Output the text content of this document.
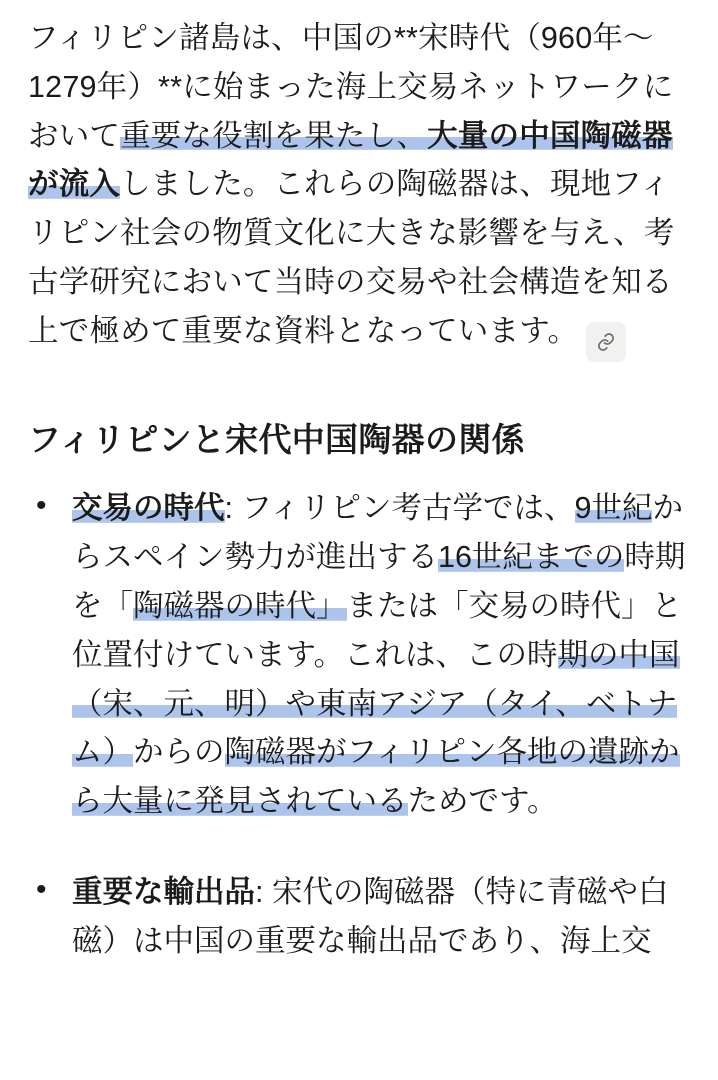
フィリピン諸島は、中国の**宋時代（960年〜1279年）**に始まった海上交易ネットワークにおいて重要な役割を果たし、大量の中国陶磁器が流入しました。これらの陶磁器は、現地フィリピン社会の物質文化に大きな影響を与え、考古学研究において当時の交易や社会構造を知る上で極めて重要な資料となっています。

フィリピンと宋代中国陶器の関係
• 交易の時代: フィリピン考古学では、9世紀からスペイン勢力が進出する16世紀までの時期を「陶磁器の時代」または「交易の時代」と位置付けています。これは、この時期の中国（宋、元、明）や東南アジア（タイ、ベトナム）からの陶磁器がフィリピン各地の遺跡から大量に発見されているためです。
• 重要な輸出品: 宋代の陶磁器（特に青磁や白磁）は中国の重要な輸出品であり、海上交
